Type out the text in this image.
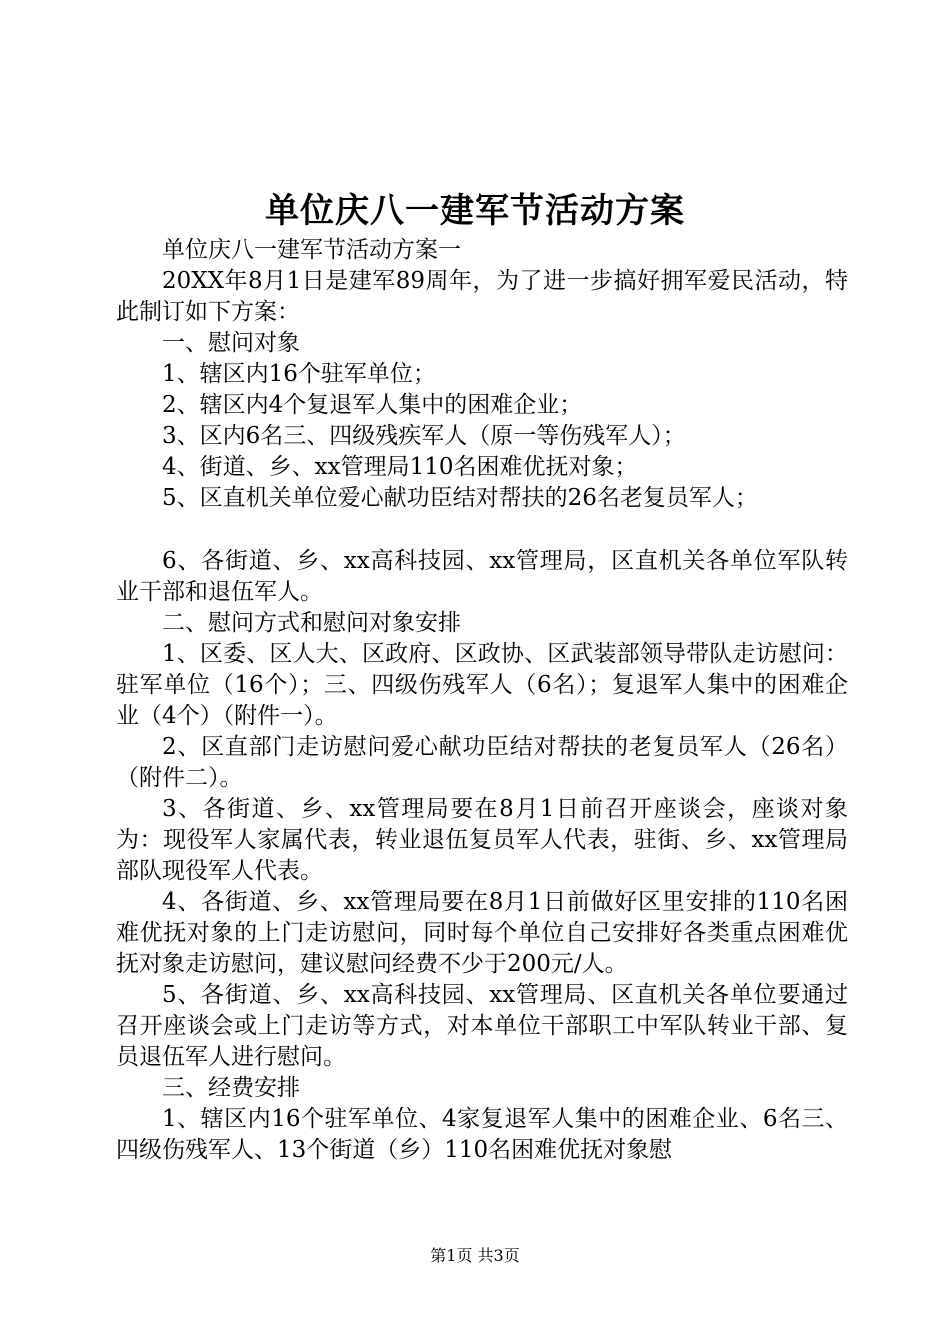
单位庆八一建军节活动方案

单位庆八一建军节活动方案一

20XX年8月1日是建军89周年，为了进一步搞好拥军爱民活动，特此制订如下方案：

一、慰问对象

1、辖区内16个驻军单位；

2、辖区内4个复退军人集中的困难企业；

3、区内6名三、四级残疾军人（原一等伤残军人）；

4、街道、乡、xx管理局110名困难优抚对象；

5、区直机关单位爱心献功臣结对帮扶的26名老复员军人；

6、各街道、乡、xx高科技园、xx管理局，区直机关各单位军队转业干部和退伍军人。

二、慰问方式和慰问对象安排

1、区委、区人大、区政府、区政协、区武装部领导带队走访慰问：驻军单位（16个）；三、四级伤残军人（6名）；复退军人集中的困难企业（4个）（附件一）。

2、区直部门走访慰问爱心献功臣结对帮扶的老复员军人（26名）（附件二）。

3、各街道、乡、xx管理局要在8月1日前召开座谈会，座谈对象为：现役军人家属代表，转业退伍复员军人代表，驻街、乡、xx管理局部队现役军人代表。

4、各街道、乡、xx管理局要在8月1日前做好区里安排的110名困难优抚对象的上门走访慰问，同时每个单位自己安排好各类重点困难优抚对象走访慰问，建议慰问经费不少于200元/人。

5、各街道、乡、xx高科技园、xx管理局、区直机关各单位要通过召开座谈会或上门走访等方式，对本单位干部职工中军队转业干部、复员退伍军人进行慰问。

三、经费安排

1、辖区内16个驻军单位、4家复退军人集中的困难企业、6名三、四级伤残军人、13个街道（乡）110名困难优抚对象慰

第1页 共3页
